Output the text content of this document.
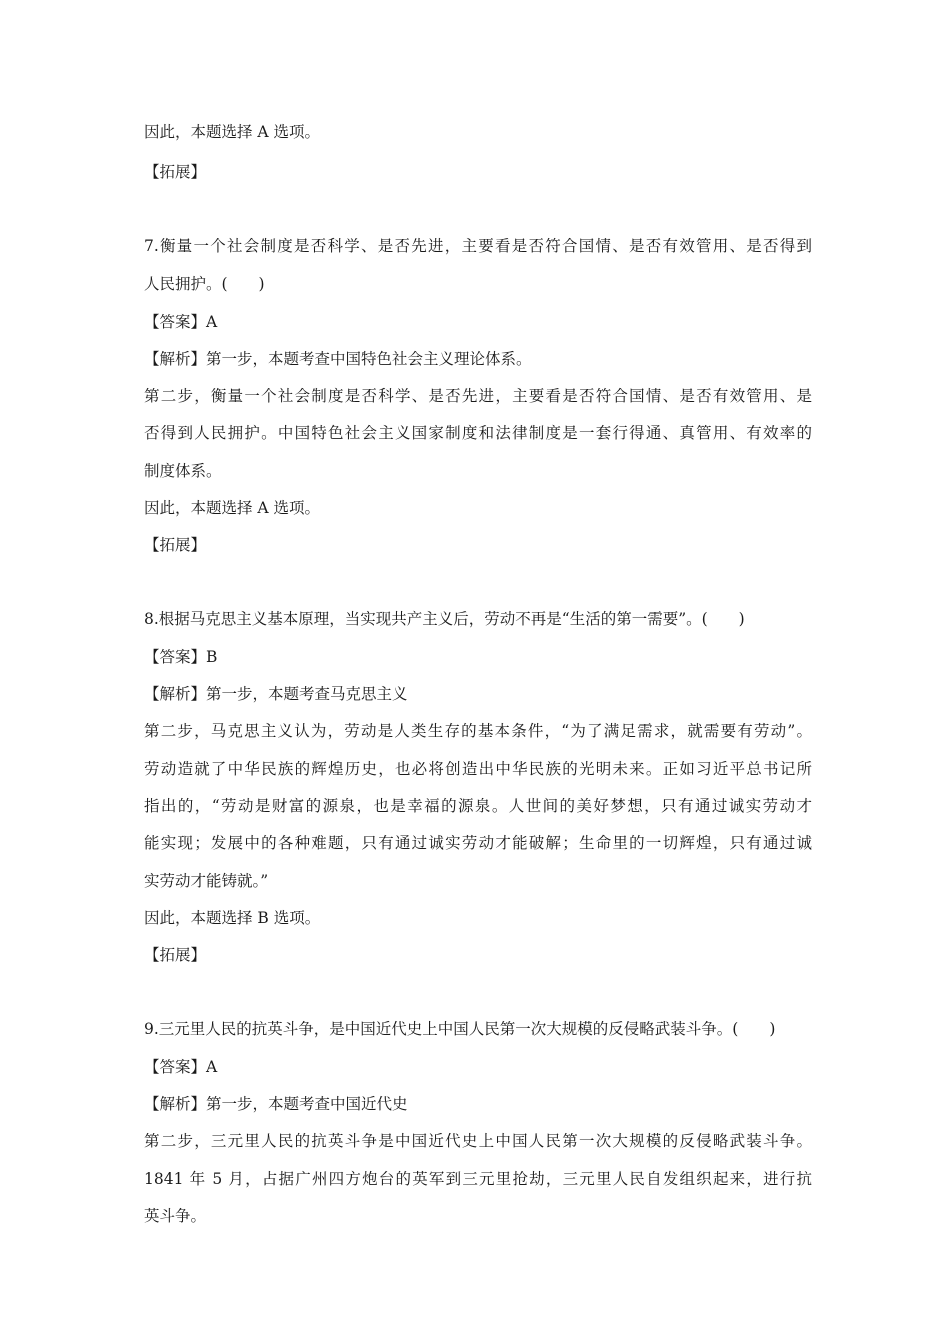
因此，本题选择 A 选项。
【拓展】
7.衡量一个社会制度是否科学、是否先进，主要看是否符合国情、是否有效管用、是否得到
人民拥护。(　　)
【答案】A
【解析】第一步，本题考查中国特色社会主义理论体系。
第二步，衡量一个社会制度是否科学、是否先进，主要看是否符合国情、是否有效管用、是
否得到人民拥护。中国特色社会主义国家制度和法律制度是一套行得通、真管用、有效率的
制度体系。
因此，本题选择 A 选项。
【拓展】
8.根据马克思主义基本原理，当实现共产主义后，劳动不再是“生活的第一需要”。(　　)
【答案】B
【解析】第一步，本题考查马克思主义
第二步，马克思主义认为，劳动是人类生存的基本条件，“为了满足需求，就需要有劳动”。
劳动造就了中华民族的辉煌历史，也必将创造出中华民族的光明未来。正如习近平总书记所
指出的，“劳动是财富的源泉，也是幸福的源泉。人世间的美好梦想，只有通过诚实劳动才
能实现；发展中的各种难题，只有通过诚实劳动才能破解；生命里的一切辉煌，只有通过诚
实劳动才能铸就。”
因此，本题选择 B 选项。
【拓展】
9.三元里人民的抗英斗争，是中国近代史上中国人民第一次大规模的反侵略武装斗争。(　　)
【答案】A
【解析】第一步，本题考查中国近代史
第二步，三元里人民的抗英斗争是中国近代史上中国人民第一次大规模的反侵略武装斗争。
1841 年 5 月，占据广州四方炮台的英军到三元里抢劫，三元里人民自发组织起来，进行抗
英斗争。
